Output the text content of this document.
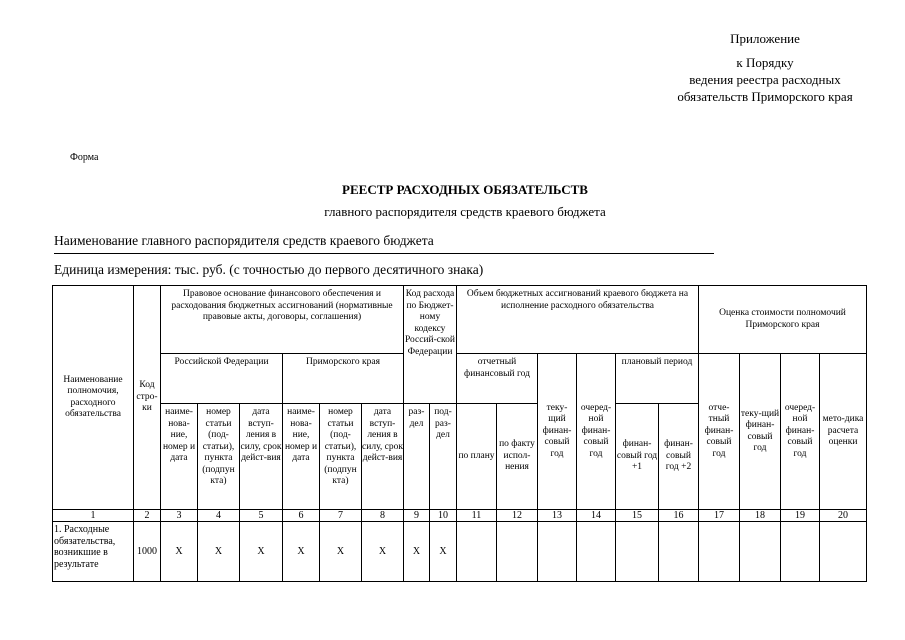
Приложение
к Порядку
ведения реестра расходных
обязательств Приморского края
Форма
РЕЕСТР РАСХОДНЫХ ОБЯЗАТЕЛЬСТВ
главного распорядителя средств краевого бюджета
Наименование главного распорядителя средств краевого бюджета
Единица измерения: тыс. руб. (с точностью до первого десятичного знака)
Наименование полномочия, расходного обязательства	Код стро-ки	Правовое основание финансового обеспечения и расходования бюджетных ассигнований (нормативные правовые акты, договоры, соглашения)						Код расхода по Бюджет-ному кодексу Россий-ской Федерации		Объем бюджетных ассигнований краевого бюджета на исполнение расходного обязательства						Оценка стоимости полномочий Приморского края			
		Российской Федерации			Приморского края					отчетный финансовый год		теку-щий финан-совый год	очеред-ной финан-совый год	плановый период		отче-тный финан-совый год	теку-щий финан-совый год	очеред-ной финан-совый год	мето-дика расчета оценки
		наиме-нова-ние, номер и дата	номер статьи (под-статьи), пункта (подпун кта)	дата вступ-ления в силу, срок дейст-вия	наиме-нова-ние, номер и дата	номер статьи (под-статьи), пункта (подпун кта)	дата вступ-ления в силу, срок дейст-вия	раз-дел	под-раз-дел	по плану	по факту испол-нения			финан-совый год +1	финан-совый год +2				

1	2	3	4	5	6	7	8	9	10	11	12	13	14	15	16	17	18	19	20
1. Расходные обязательства, возникшие в результате	1000	X	X	X	X	X	X	X	X										
